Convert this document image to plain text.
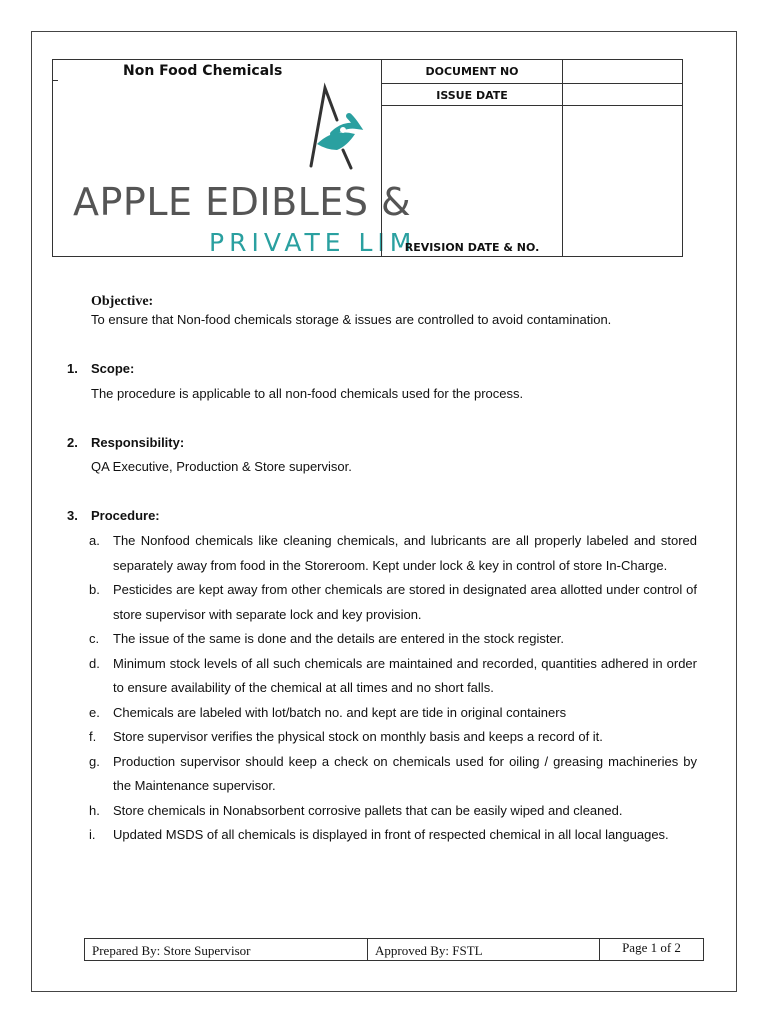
Non Food Chemicals
APPLE EDIBLES &
PRIVATE LIM
DOCUMENT NO
ISSUE DATE
REVISION DATE & NO.
Objective:
To ensure that Non-food chemicals storage & issues are controlled to avoid contamination.
1. Scope:
The procedure is applicable to all non-food chemicals used for the process.
2. Responsibility:
QA Executive, Production & Store supervisor.
3. Procedure:
a. The Nonfood chemicals like cleaning chemicals, and lubricants are all properly labeled and stored separately away from food in the Storeroom. Kept under lock & key in control of store In-Charge.
b. Pesticides are kept away from other chemicals are stored in designated area allotted under control of store supervisor with separate lock and key provision.
c. The issue of the same is done and the details are entered in the stock register.
d. Minimum stock levels of all such chemicals are maintained and recorded, quantities adhered in order to ensure availability of the chemical at all times and no short falls.
e. Chemicals are labeled with lot/batch no. and kept are tide in original containers
f. Store supervisor verifies the physical stock on monthly basis and keeps a record of it.
g. Production supervisor should keep a check on chemicals used for oiling / greasing machineries by the Maintenance supervisor.
h. Store chemicals in Nonabsorbent corrosive pallets that can be easily wiped and cleaned.
i. Updated MSDS of all chemicals is displayed in front of respected chemical in all local languages.
Prepared By: Store Supervisor	Approved By: FSTL	Page 1 of 2
